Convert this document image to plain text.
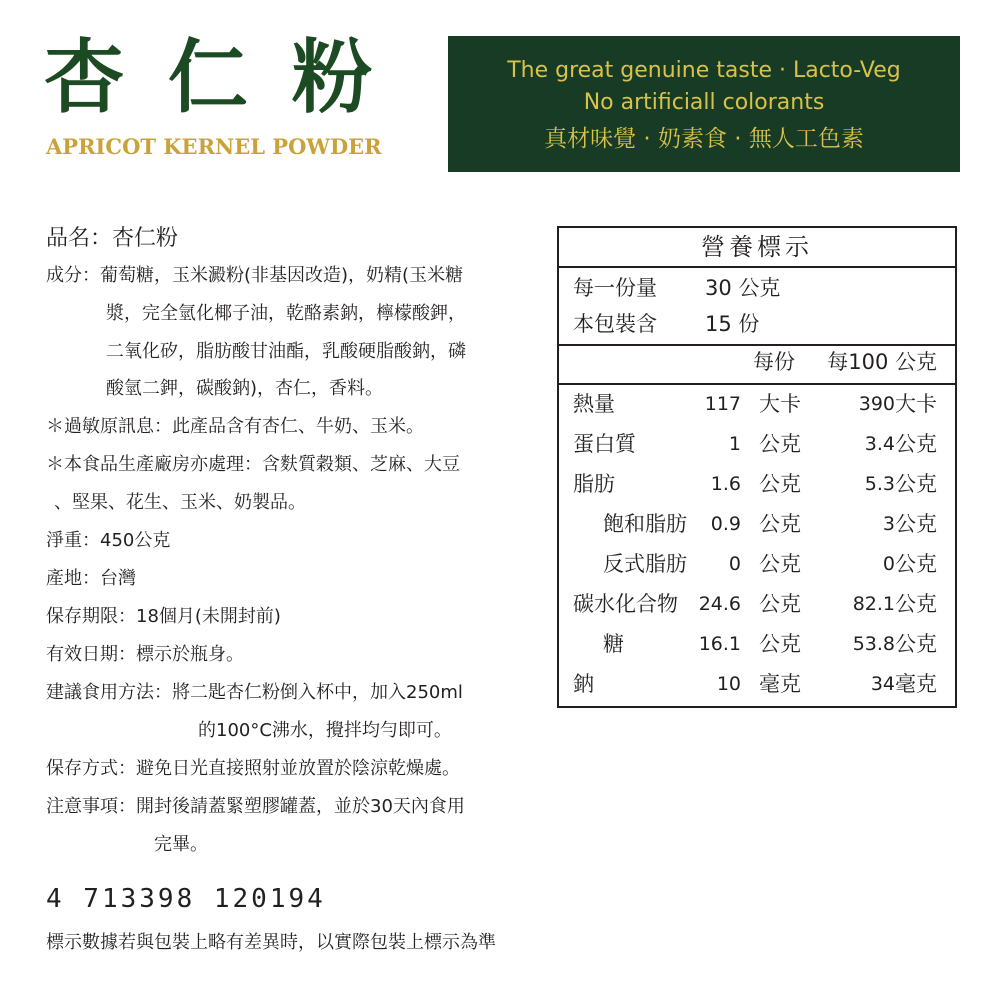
杏仁粉
APRICOT KERNEL POWDER
The great genuine taste · Lacto-Veg
No artificiall colorants
真材味覺 · 奶素食 · 無人工色素
品名：杏仁粉
成分：葡萄糖，玉米澱粉(非基因改造)，奶精(玉米糖
漿，完全氫化椰子油，乾酪素鈉，檸檬酸鉀，
二氧化矽，脂肪酸甘油酯，乳酸硬脂酸鈉，磷
酸氫二鉀，碳酸鈉)，杏仁，香料。
＊過敏原訊息：此產品含有杏仁、牛奶、玉米。
＊本食品生產廠房亦處理：含麩質穀類、芝麻、大豆
、堅果、花生、玉米、奶製品。
淨重：450公克
產地：台灣
保存期限：18個月(未開封前)
有效日期：標示於瓶身。
建議食用方法：將二匙杏仁粉倒入杯中，加入250ml
的100°C沸水，攪拌均勻即可。
保存方式：避免日光直接照射並放置於陰涼乾燥處。
注意事項：開封後請蓋緊塑膠罐蓋，並於30天內食用
完畢。
營養標示
每一份量 30 公克
本包裝含 15 份
每份 每100 公克
熱量	117 大卡	390 大卡
蛋白質	1 公克	3.4 公克
脂肪	1.6 公克	5.3 公克
飽和脂肪 0.9 公克	3 公克
反式脂肪 0 公克	0 公克
碳水化合物 24.6 公克	82.1 公克
糖	16.1 公克	53.8 公克
鈉	10 毫克	34 毫克
4 713398 120194
標示數據若與包裝上略有差異時，以實際包裝上標示為準
